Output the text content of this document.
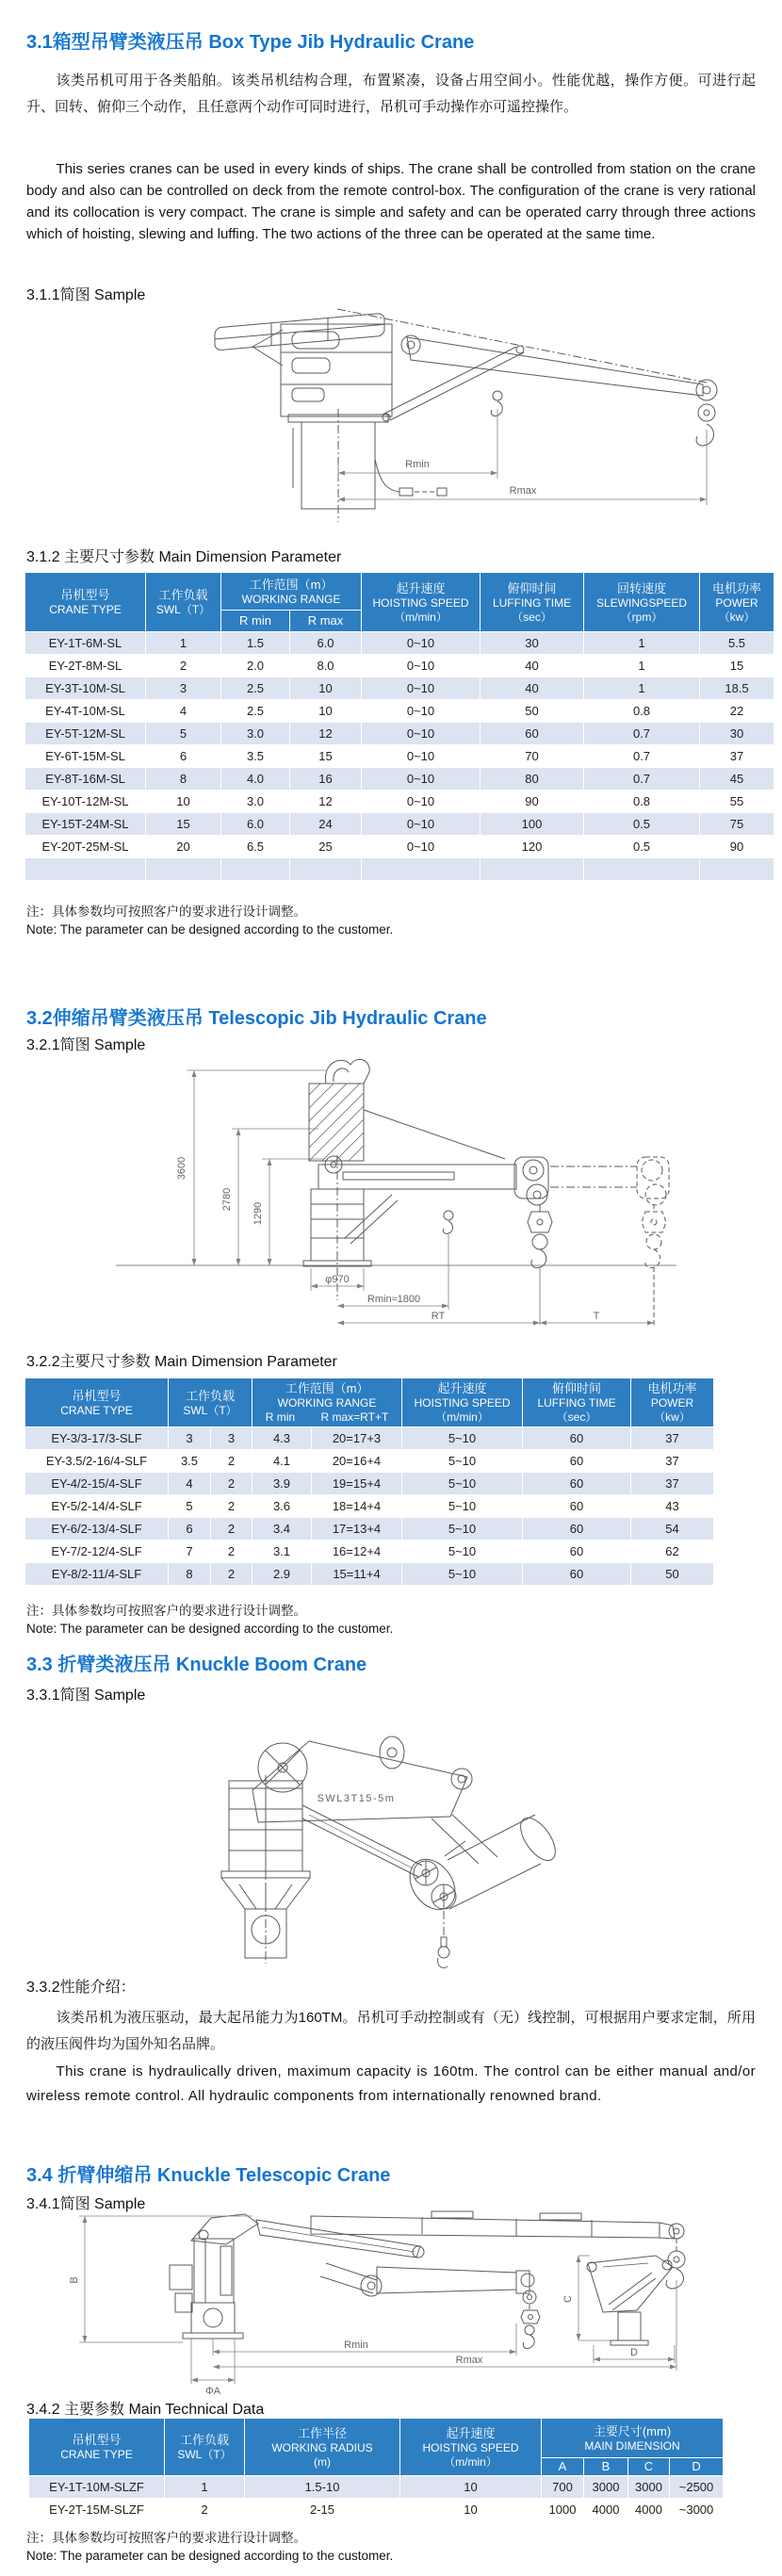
3.1箱型吊臂类液压吊 Box Type Jib Hydraulic Crane
该类吊机可用于各类船舶。该类吊机结构合理，布置紧凑，设备占用空间小。性能优越，操作方便。可进行起升、回转、俯仰三个动作，且任意两个动作可同时进行，吊机可手动操作亦可遥控操作。
This series cranes can be used in every kinds of ships. The crane shall be controlled from station on the crane body and also can be controlled on deck from the remote control-box. The configuration of the crane is very rational and its collocation is very compact. The crane is simple and safety and can be operated carry through three actions which of hoisting, slewing and luffing. The two actions of the three can be operated at the same time.
3.1.1简图 Sample
Rmin
Rmax
3.1.2 主要尺寸参数 Main Dimension Parameter
吊机型号
CRANE TYPE

工作负载
SWL（T）

工作范围（m）
WORKING RANGE

起升速度
HOISTING SPEED
（m/min）

俯仰时间
LUFFING TIME
（sec）

回转速度
SLEWINGSPEED
（rpm）

电机功率
POWER
（kw）

		R min	R max				
EY-1T-6M-SL	1	1.5	6.0	0~10	30	1	5.5
EY-2T-8M-SL	2	2.0	8.0	0~10	40	1	15
EY-3T-10M-SL	3	2.5	10	0~10	40	1	18.5
EY-4T-10M-SL	4	2.5	10	0~10	50	0.8	22
EY-5T-12M-SL	5	3.0	12	0~10	60	0.7	30
EY-6T-15M-SL	6	3.5	15	0~10	70	0.7	37
EY-8T-16M-SL	8	4.0	16	0~10	80	0.7	45
EY-10T-12M-SL	10	3.0	12	0~10	90	0.8	55
EY-15T-24M-SL	15	6.0	24	0~10	100	0.5	75
EY-20T-25M-SL	20	6.5	25	0~10	120	0.5	90

注：具体参数均可按照客户的要求进行设计调整。
Note: The parameter can be designed according to the customer.
3.2伸缩吊臂类液压吊 Telescopic Jib Hydraulic Crane
3.2.1简图 Sample
3600
2780
1290
φ970
Rmin≈1800
RT	T
3.2.2主要尺寸参数 Main Dimension Parameter
吊机型号
CRANE TYPE

工作负载
SWL（T）

工作范围（m）
WORKING RANGE
R min R max=RT+T

起升速度
HOISTING SPEED
（m/min）

俯仰时间
LUFFING TIME
（sec）

电机功率
POWER
（kw）

EY-3/3-17/3-SLF	3	3	4.3	20=17+3	5~10	60	37
EY-3.5/2-16/4-SLF	3.5	2	4.1	20=16+4	5~10	60	37
EY-4/2-15/4-SLF	4	2	3.9	19=15+4	5~10	60	37
EY-5/2-14/4-SLF	5	2	3.6	18=14+4	5~10	60	43
EY-6/2-13/4-SLF	6	2	3.4	17=13+4	5~10	60	54
EY-7/2-12/4-SLF	7	2	3.1	16=12+4	5~10	60	62
EY-8/2-11/4-SLF	8	2	2.9	15=11+4	5~10	60	50
注：具体参数均可按照客户的要求进行设计调整。
Note: The parameter can be designed according to the customer.
3.3 折臂类液压吊 Knuckle Boom Crane
3.3.1简图 Sample
SWL3T15-5m
3.3.2性能介绍：
该类吊机为液压驱动，最大起吊能力为160TM。吊机可手动控制或有（无）线控制，可根据用户要求定制，所用的液压阀件均为国外知名品牌。
This crane is hydraulically driven, maximum capacity is 160tm. The control can be either manual and/or wireless remote control. All hydraulic components from internationally renowned brand.
3.4 折臂伸缩吊 Knuckle Telescopic Crane
3.4.1简图 Sample
B
C
D
Rmin
Rmax
ΦA
3.4.2 主要参数 Main Technical Data
吊机型号
CRANE TYPE

工作负载
SWL（T）

工作半径
WORKING RADIUS
(m)

起升速度
HOISTING SPEED
（m/min）

主要尺寸(mm)
MAIN DIMENSION

				A	B	C	D
EY-1T-10M-SLZF	1	1.5-10	10	700	3000	3000	~2500
EY-2T-15M-SLZF	2	2-15	10	1000	4000	4000	~3000
注：具体参数均可按照客户的要求进行设计调整。
Note: The parameter can be designed according to the customer.
